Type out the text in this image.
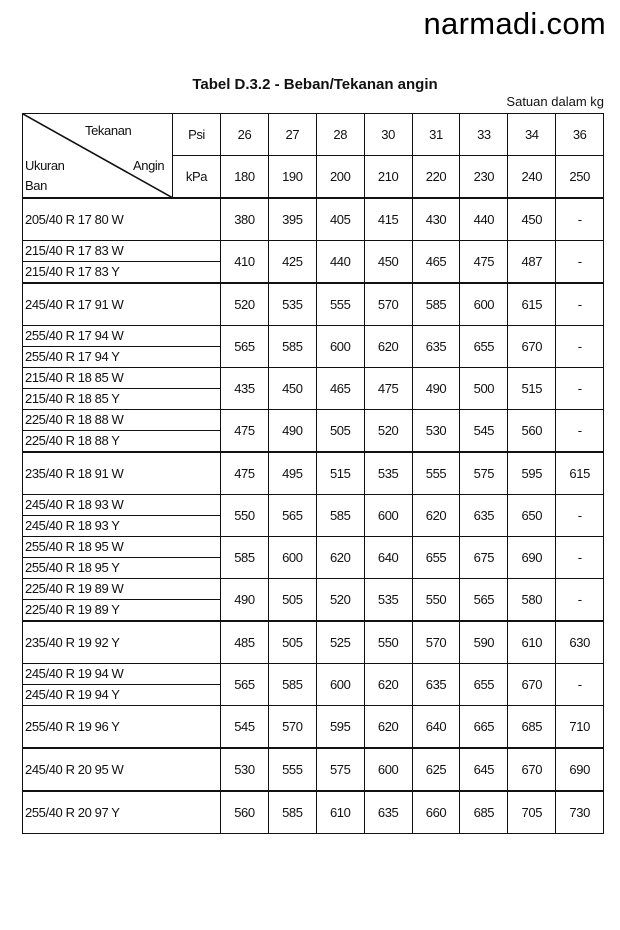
narmadi.com
Tabel D.3.2 - Beban/Tekanan angin
Satuan dalam kg
Tekanan
Angin
Ukuran
Ban	Psi	26	27	28	30	31	33	34	36
	kPa	180	190	200	210	220	230	240	250

205/40 R 17 80 W		380	395	405	415	430	440	450	-

215/40 R 17 83 W
215/40 R 17 83 Y		410	425	440	450	465	475	487	-

245/40 R 17 91 W		520	535	555	570	585	600	615	-

255/40 R 17 94 W
255/40 R 17 94 Y		565	585	600	620	635	655	670	-

215/40 R 18 85 W
215/40 R 18 85 Y		435	450	465	475	490	500	515	-

225/40 R 18 88 W
225/40 R 18 88 Y		475	490	505	520	530	545	560	-

235/40 R 18 91 W		475	495	515	535	555	575	595	615

245/40 R 18 93 W
245/40 R 18 93 Y		550	565	585	600	620	635	650	-

255/40 R 18 95 W
255/40 R 18 95 Y		585	600	620	640	655	675	690	-

225/40 R 19 89 W
225/40 R 19 89 Y		490	505	520	535	550	565	580	-

235/40 R 19 92 Y		485	505	525	550	570	590	610	630

245/40 R 19 94 W
245/40 R 19 94 Y		565	585	600	620	635	655	670	-

255/40 R 19 96 Y		545	570	595	620	640	665	685	710

245/40 R 20 95 W		530	555	575	600	625	645	670	690

255/40 R 20 97 Y		560	585	610	635	660	685	705	730
